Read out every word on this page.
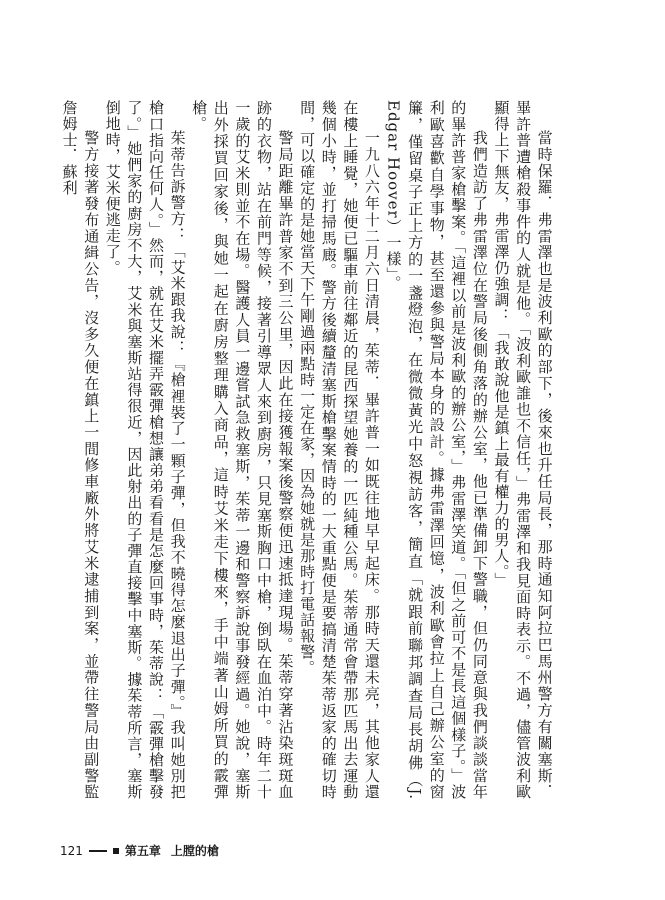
當時保羅．弗雷澤也是波利歐的部下，後來也升任局長，那時通知阿拉巴馬州警方有關塞斯．畢許普遭槍殺事件的人就是他。「波利歐誰也不信任，」弗雷澤和我見面時表示。不過，儘管波利歐顯得上下無友，弗雷澤仍強調：「我敢說他是鎮上最有權力的男人。」

我們造訪了弗雷澤位在警局後側角落的辦公室，他已準備卸下警職，但仍同意與我們談談當年的畢許普家槍擊案。「這裡以前是波利歐的辦公室，」弗雷澤笑道。「但之前可不是長這個樣子。」波利歐喜歡自學事物，甚至還參與警局本身的設計。據弗雷澤回憶，波利歐會拉上自己辦公室的窗簾，僅留桌子正上方的一盞燈泡，在微微黃光中怒視訪客，簡直「就跟前聯邦調查局長胡佛（J. Edgar Hoover）一樣」。

一九八六年十二月六日清晨，茱蒂．畢許普一如既往地早早起床。那時天還未亮，其他家人還在樓上睡覺，她便已驅車前往鄰近的昆西探望她養的一匹純種公馬。茱蒂通常會帶那匹馬出去運動幾個小時，並打掃馬廄。警方後續釐清塞斯槍擊案情時的一大重點便是要搞清楚茱蒂返家的確切時間，可以確定的是她當天下午剛過兩點時一定在家，因為她就是那時打電話報警。

警局距離畢許普家不到三公里，因此在接獲報案後警察便迅速抵達現場。茱蒂穿著沾染斑斑血跡的衣物，站在前門等候，接著引導眾人來到廚房，只見塞斯胸口中槍，倒臥在血泊中。時年二十一歲的艾米則並不在場。醫護人員一邊嘗試急救塞斯，茱蒂一邊和警察訴說事發經過。她說，塞斯出外採買回家後，與她一起在廚房整理購入商品，這時艾米走下樓來，手中端著山姆所買的霰彈槍。

茱蒂告訴警方：「艾米跟我說：『槍裡裝了一顆子彈，但我不曉得怎麼退出子彈。』我叫她別把槍口指向任何人。」然而，就在艾米擺弄霰彈槍想讓弟弟看看是怎麼回事時，茱蒂說：「霰彈槍擊發了。」她們家的廚房不大，艾米與塞斯站得很近，因此射出的子彈直接擊中塞斯。據茱蒂所言，塞斯倒地時，艾米便逃走了。

警方接著發布通緝公告，沒多久便在鎮上一間修車廠外將艾米逮捕到案，並帶往警局由副警監詹姆士．蘇利

121	第五章 上膛的槍
